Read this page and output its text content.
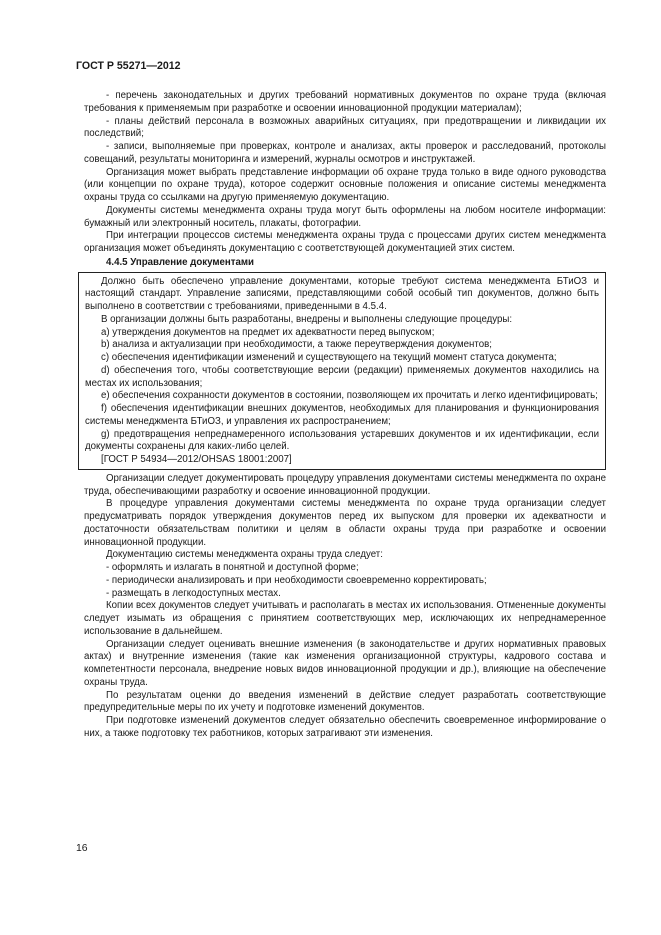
ГОСТ Р 55271—2012

- перечень законодательных и других требований нормативных документов по охране труда (включая требования к применяемым при разработке и освоении инновационной продукции материалам);

- планы действий персонала в возможных аварийных ситуациях, при предотвращении и ликвидации их последствий;

- записи, выполняемые при проверках, контроле и анализах, акты проверок и расследований, протоколы совещаний, результаты мониторинга и измерений, журналы осмотров и инструктажей.

Организация может выбрать представление информации об охране труда только в виде одного руководства (или концепции по охране труда), которое содержит основные положения и описание системы менеджмента охраны труда со ссылками на другую применяемую документацию.

Документы системы менеджмента охраны труда могут быть оформлены на любом носителе информации: бумажный или электронный носитель, плакаты, фотографии.

При интеграции процессов системы менеджмента охраны труда с процессами других систем менеджмента организация может объединять документацию с соответствующей документацией этих систем.

4.4.5 Управление документами

Должно быть обеспечено управление документами, которые требуют система менеджмента БТиОЗ и настоящий стандарт. Управление записями, представляющими собой особый тип документов, должно быть выполнено в соответствии с требованиями, приведенными в 4.5.4.

В организации должны быть разработаны, внедрены и выполнены следующие процедуры:

а) утверждения документов на предмет их адекватности перед выпуском;

b) анализа и актуализации при необходимости, а также переутверждения документов;

с) обеспечения идентификации изменений и существующего на текущий момент статуса документа;

d) обеспечения того, чтобы соответствующие версии (редакции) применяемых документов находились на местах их использования;

е) обеспечения сохранности документов в состоянии, позволяющем их прочитать и легко идентифицировать;

f) обеспечения идентификации внешних документов, необходимых для планирования и функционирования системы менеджмента БТиОЗ, и управления их распространением;

g) предотвращения непреднамеренного использования устаревших документов и их идентификации, если документы сохранены для каких-либо целей.

[ГОСТ Р 54934—2012/OHSAS 18001:2007]

Организации следует документировать процедуру управления документами системы менеджмента по охране труда, обеспечивающими разработку и освоение инновационной продукции.

В процедуре управления документами системы менеджмента по охране труда организации следует предусматривать порядок утверждения документов перед их выпуском для проверки их адекватности и достаточности обязательствам политики и целям в области охраны труда при разработке и освоении инновационной продукции.

Документацию системы менеджмента охраны труда следует:

- оформлять и излагать в понятной и доступной форме;

- периодически анализировать и при необходимости своевременно корректировать;

- размещать в легкодоступных местах.

Копии всех документов следует учитывать и располагать в местах их использования. Отмененные документы следует изымать из обращения с принятием соответствующих мер, исключающих их непреднамеренное использование в дальнейшем.

Организации следует оценивать внешние изменения (в законодательстве и других нормативных правовых актах) и внутренние изменения (такие как изменения организационной структуры, кадрового состава и компетентности персонала, внедрение новых видов инновационной продукции и др.), влияющие на обеспечение охраны труда.

По результатам оценки до введения изменений в действие следует разработать соответствующие предупредительные меры по их учету и подготовке изменений документов.

При подготовке изменений документов следует обязательно обеспечить своевременное информирование о них, а также подготовку тех работников, которых затрагивают эти изменения.

16
